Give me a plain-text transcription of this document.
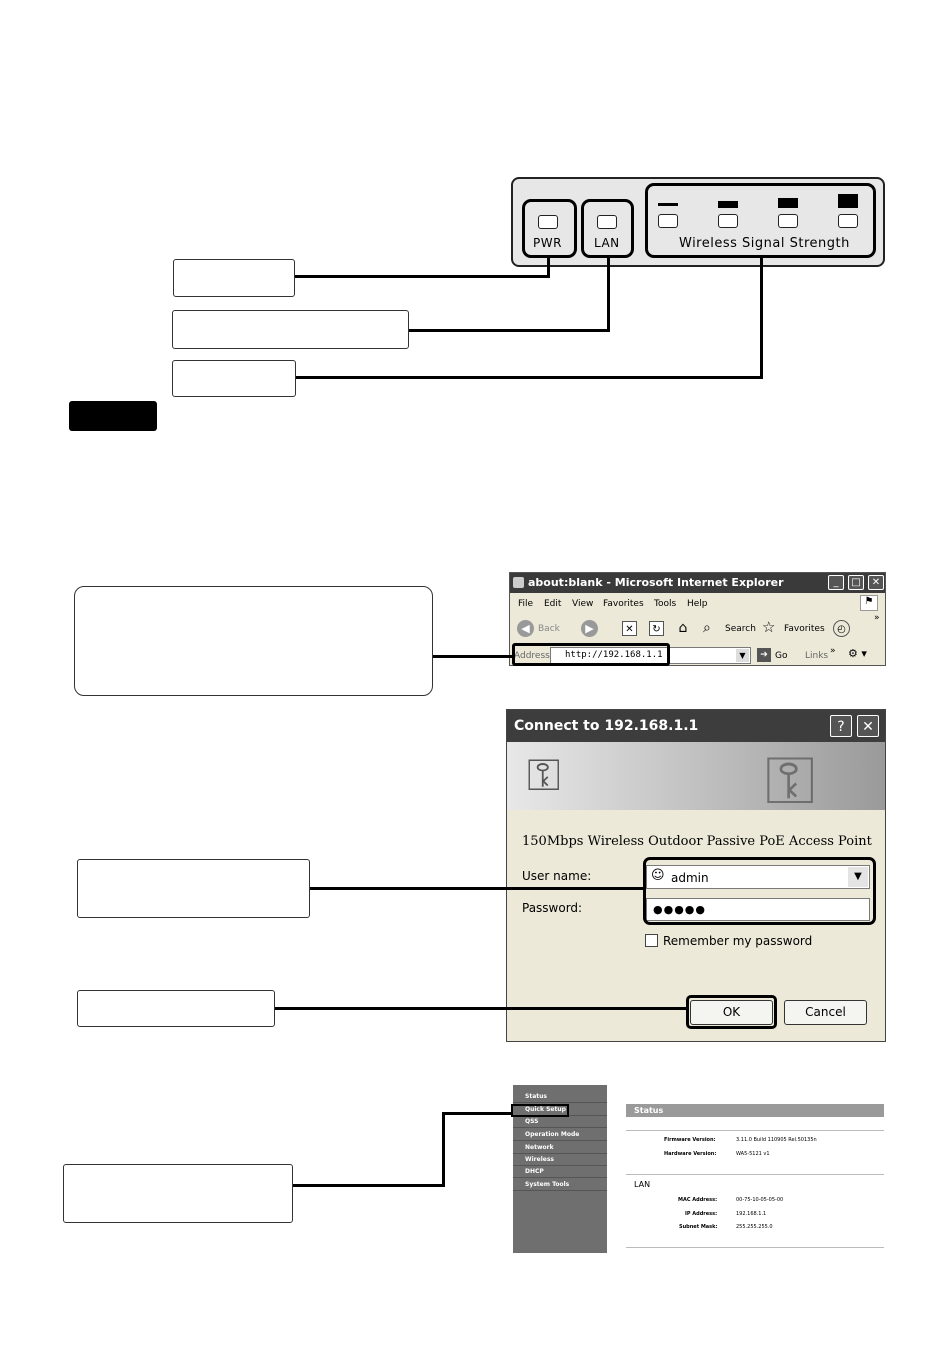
PWR	LAN	Wireless Signal Strength
about:blank - Microsoft Internet Explorer	_	□	✕
File Edit View Favorites Tools Help	⚑
◀ Back	▶	✕	↻	⌂	⌕ Search ☆ Favorites	◴
»
Address http://192.168.1.1	▼	➔ Go Links » ⚙ ▾
Connect to 192.168.1.1	?	✕
⚿	⚿
150Mbps Wireless Outdoor Passive PoE Access Point
User name:	☺ admin	▼
Password:	●●●●●
Remember my password
OK	Cancel
Status
Quick Setup
QSS
Operation Mode
Network
Wireless
DHCP
System Tools
Status
Firmware Version:	3.11.0 Build 110905 Rel.50135n
Hardware Version:	WA5-5121 v1
LAN
MAC Address:	00-75-10-05-05-00
IP Address:	192.168.1.1
Subnet Mask:	255.255.255.0
